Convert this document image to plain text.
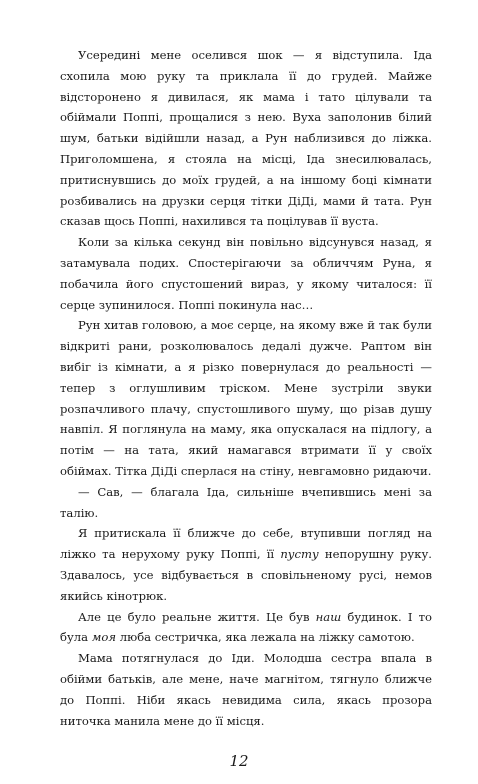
Усередині мене оселився шок — я відступила. Іда схопила мою руку та приклала її до грудей. Майже відсторонено я дивилася, як мама і тато цілували та обіймали Поппі, прощалися з нею. Вуха заполонив білий шум, батьки відійшли назад, а Рун наблизився до ліжка. Приголомшена, я стояла на місці, Іда знесилювалась, притиснувшись до моїх грудей, а на іншому боці кімнати розбивались на друзки серця тітки ДіДі, мами й тата. Рун сказав щось Поппі, нахилився та поцілував її вуста.

Коли за кілька секунд він повільно відсунувся назад, я затамувала подих. Спостерігаючи за обличчям Руна, я побачила його спустошений вираз, у якому читалося: її серце зупинилося. Поппі покинула нас…

Рун хитав головою, а моє серце, на якому вже й так були відкриті рани, розколювалось дедалі дужче. Раптом він вибіг із кімнати, а я різко повернулася до реальності — тепер з оглушливим тріском. Мене зустріли звуки розпачливого плачу, спустошливого шуму, що різав душу навпіл. Я поглянула на маму, яка опускалася на підлогу, а потім — на тата, який намагався втримати її у своїх обіймах. Тітка ДіДі сперлася на стіну, невгамовно ридаючи.

— Сав, — благала Іда, сильніше вчепившись мені за талію.

Я притискала її ближче до себе, втупивши погляд на ліжко та нерухому руку Поппі, її пусту непорушну руку. Здавалось, усе відбувається в сповільненому русі, немов якийсь кінотрюк.

Але це було реальне життя. Це був наш будинок. І то була моя люба сестричка, яка лежала на ліжку самотою.

Мама потягнулася до Іди. Молодша сестра впала в обійми батьків, але мене, наче магнітом, тягнуло ближче до Поппі. Ніби якась невидима сила, якась прозора ниточка манила мене до її місця.

12
